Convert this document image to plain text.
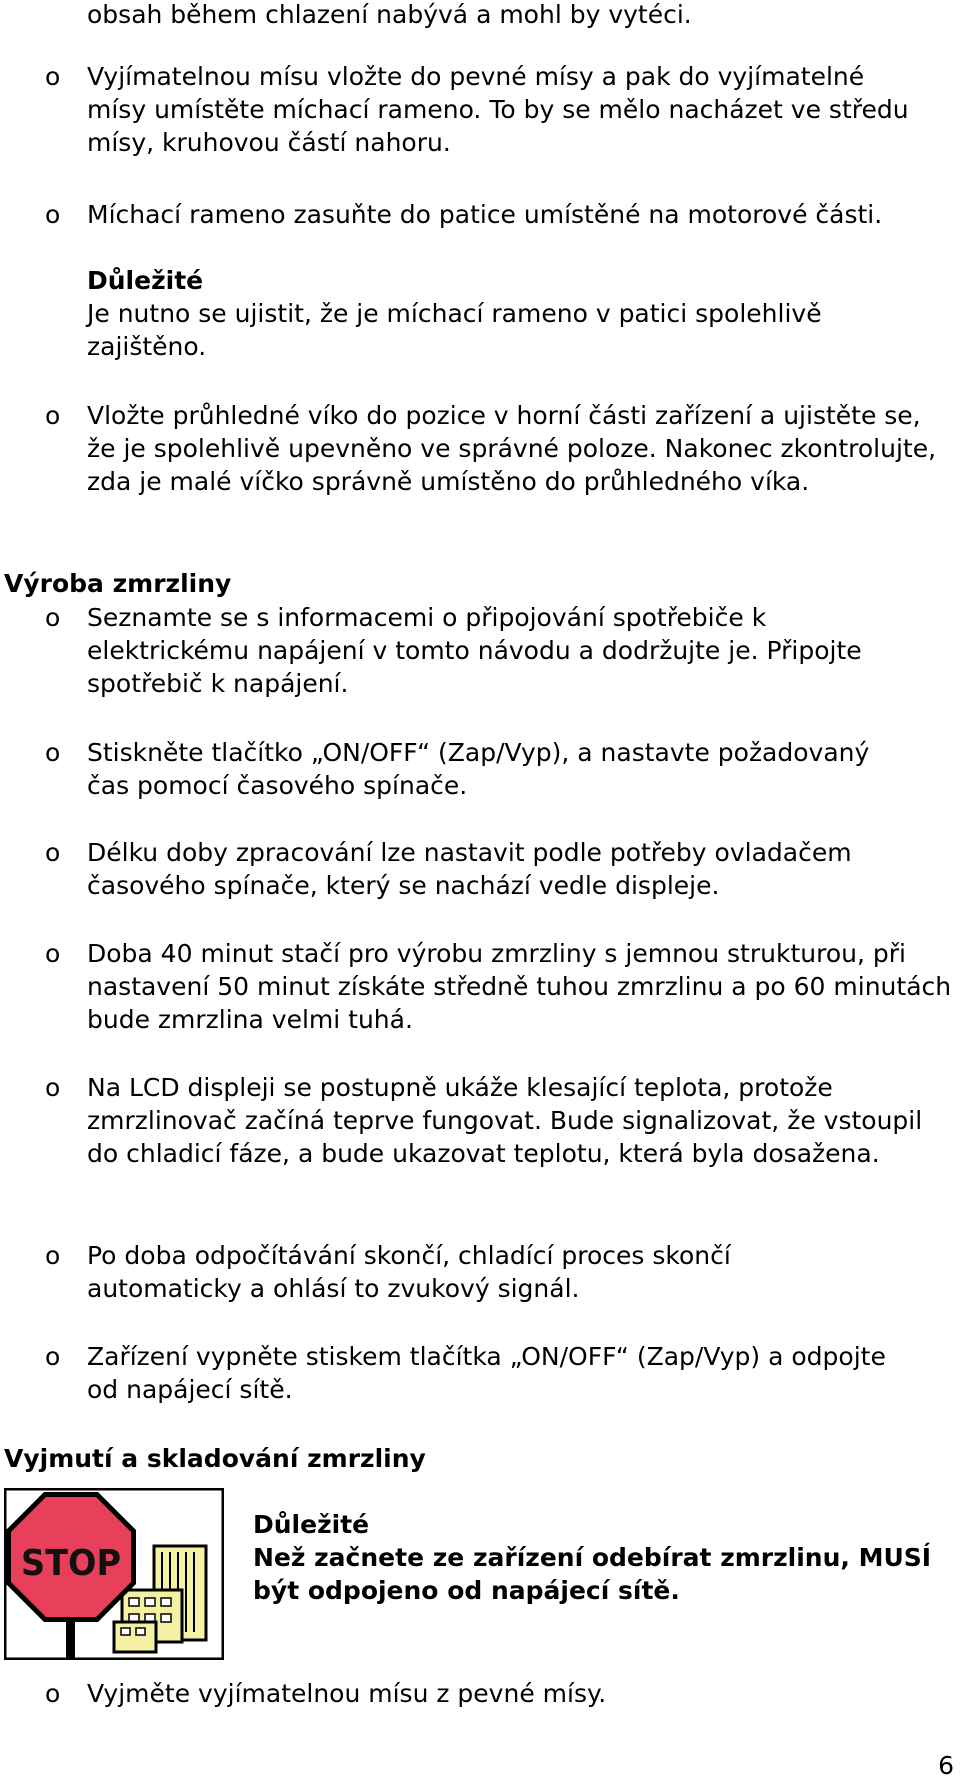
obsah během chlazení nabývá a mohl by vytéci.
o Vyjímatelnou mísu vložte do pevné mísy a pak do vyjímatelné mísy umístěte míchací rameno. To by se mělo nacházet ve středu mísy, kruhovou částí nahoru.
o Míchací rameno zasuňte do patice umístěné na motorové části.
Důležité
Je nutno se ujistit, že je míchací rameno v patici spolehlivě zajištěno.
o Vložte průhledné víko do pozice v horní části zařízení a ujistěte se, že je spolehlivě upevněno ve správné poloze. Nakonec zkontrolujte, zda je malé víčko správně umístěno do průhledného víka.
Výroba zmrzliny
o Seznamte se s informacemi o připojování spotřebiče k elektrickému napájení v tomto návodu a dodržujte je. Připojte spotřebič k napájení.
o Stiskněte tlačítko „ON/OFF“ (Zap/Vyp), a nastavte požadovaný čas pomocí časového spínače.
o Délku doby zpracování lze nastavit podle potřeby ovladačem časového spínače, který se nachází vedle displeje.
o Doba 40 minut stačí pro výrobu zmrzliny s jemnou strukturou, při nastavení 50 minut získáte středně tuhou zmrzlinu a po 60 minutách bude zmrzlina velmi tuhá.
o Na LCD displeji se postupně ukáže klesající teplota, protože zmrzlinovač začíná teprve fungovat. Bude signalizovat, že vstoupil do chladicí fáze, a bude ukazovat teplotu, která byla dosažena.
o Po doba odpočítávání skončí, chladící proces skončí automaticky a ohlásí to zvukový signál.
o Zařízení vypněte stiskem tlačítka „ON/OFF“ (Zap/Vyp) a odpojte od napájecí sítě.
Vyjmutí a skladování zmrzliny
STOP
Důležité
Než začnete ze zařízení odebírat zmrzlinu, MUSÍ být odpojeno od napájecí sítě.
o Vyjměte vyjímatelnou mísu z pevné mísy.
6
